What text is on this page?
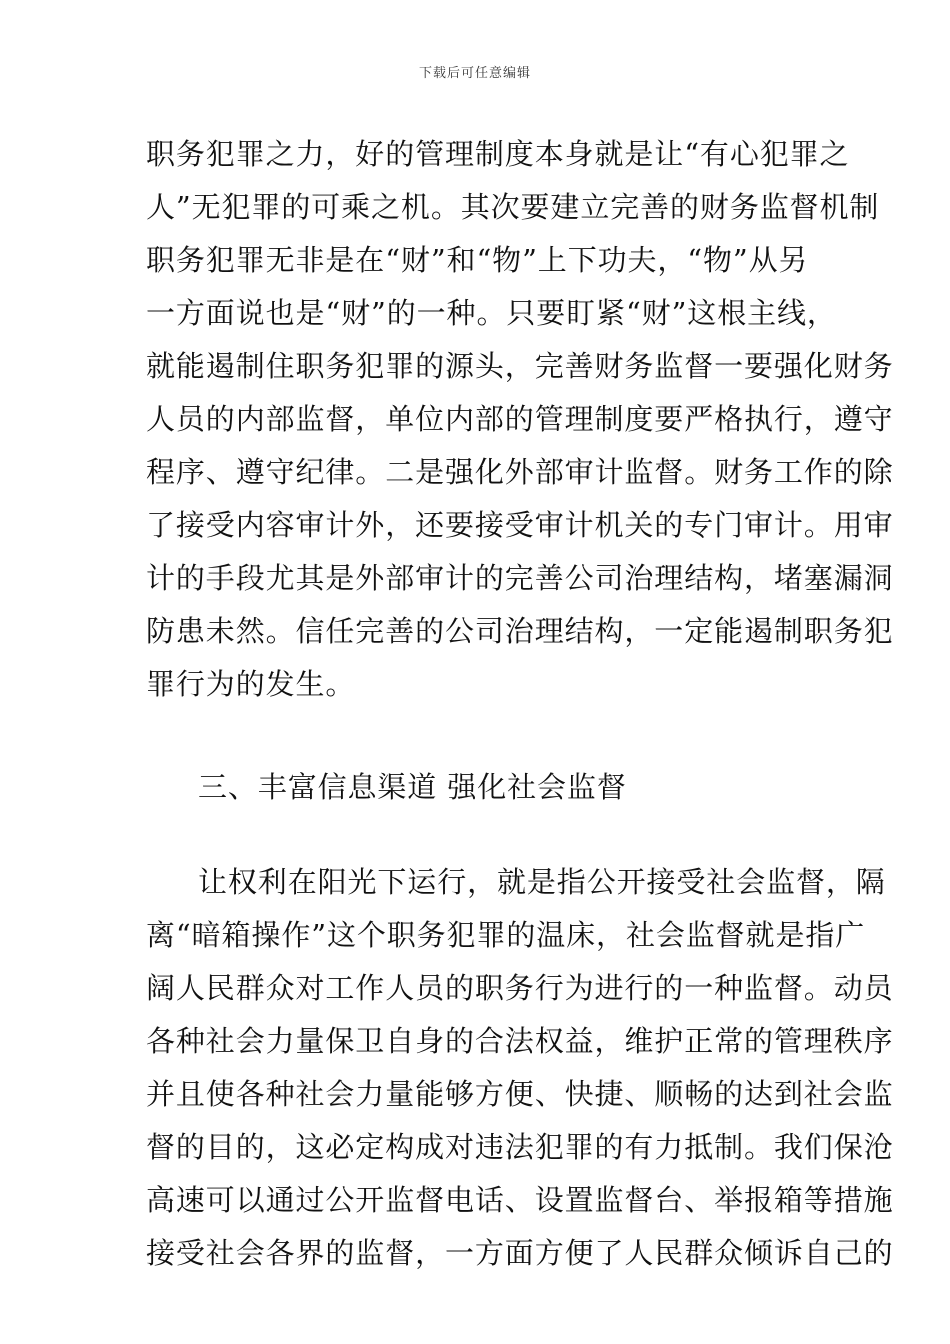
下载后可任意编辑
职务犯罪之力，好的管理制度本身就是让“有心犯罪之
人”无犯罪的可乘之机。其次要建立完善的财务监督机制
职务犯罪无非是在“财”和“物”上下功夫，“物”从另
一方面说也是“财”的一种。只要盯紧“财”这根主线，
就能遏制住职务犯罪的源头，完善财务监督一要强化财务
人员的内部监督，单位内部的管理制度要严格执行，遵守
程序、遵守纪律。二是强化外部审计监督。财务工作的除
了接受内容审计外，还要接受审计机关的专门审计。用审
计的手段尤其是外部审计的完善公司治理结构，堵塞漏洞
防患未然。信任完善的公司治理结构，一定能遏制职务犯
罪行为的发生。
三、丰富信息渠道 强化社会监督
让权利在阳光下运行，就是指公开接受社会监督，隔
离“暗箱操作”这个职务犯罪的温床，社会监督就是指广
阔人民群众对工作人员的职务行为进行的一种监督。动员
各种社会力量保卫自身的合法权益，维护正常的管理秩序
并且使各种社会力量能够方便、快捷、顺畅的达到社会监
督的目的，这必定构成对违法犯罪的有力抵制。我们保沧
高速可以通过公开监督电话、设置监督台、举报箱等措施
接受社会各界的监督，一方面方便了人民群众倾诉自己的
